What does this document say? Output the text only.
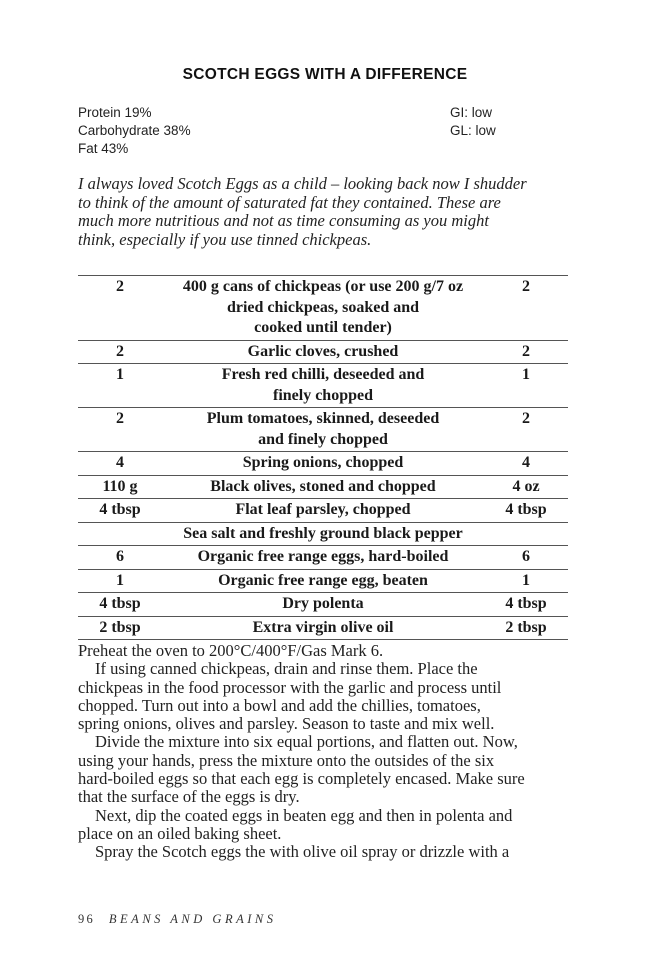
SCOTCH EGGS WITH A DIFFERENCE
Protein 19%
Carbohydrate 38%
Fat 43%
GI: low
GL: low
I always loved Scotch Eggs as a child – looking back now I shudder
to think of the amount of saturated fat they contained. These are
much more nutritious and not as time consuming as you might
think, especially if you use tinned chickpeas.
2	400 g cans of chickpeas (or use 200 g/7 oz
dried chickpeas, soaked and
cooked until tender)	2
2	Garlic cloves, crushed	2
1	Fresh red chilli, deseeded and
finely chopped	1
2	Plum tomatoes, skinned, deseeded
and finely chopped	2
4	Spring onions, chopped	4
110 g	Black olives, stoned and chopped	4 oz
4 tbsp	Flat leaf parsley, chopped	4 tbsp

	Sea salt and freshly ground black pepper	

6	Organic free range eggs, hard-boiled	6
1	Organic free range egg, beaten	1
4 tbsp	Dry polenta	4 tbsp
2 tbsp	Extra virgin olive oil	2 tbsp
Preheat the oven to 200°C/400°F/Gas Mark 6.
If using canned chickpeas, drain and rinse them. Place the
chickpeas in the food processor with the garlic and process until
chopped. Turn out into a bowl and add the chillies, tomatoes,
spring onions, olives and parsley. Season to taste and mix well.
Divide the mixture into six equal portions, and flatten out. Now,
using your hands, press the mixture onto the outsides of the six
hard-boiled eggs so that each egg is completely encased. Make sure
that the surface of the eggs is dry.
Next, dip the coated eggs in beaten egg and then in polenta and
place on an oiled baking sheet.
Spray the Scotch eggs the with olive oil spray or drizzle with a
96 BEANS AND GRAINS
